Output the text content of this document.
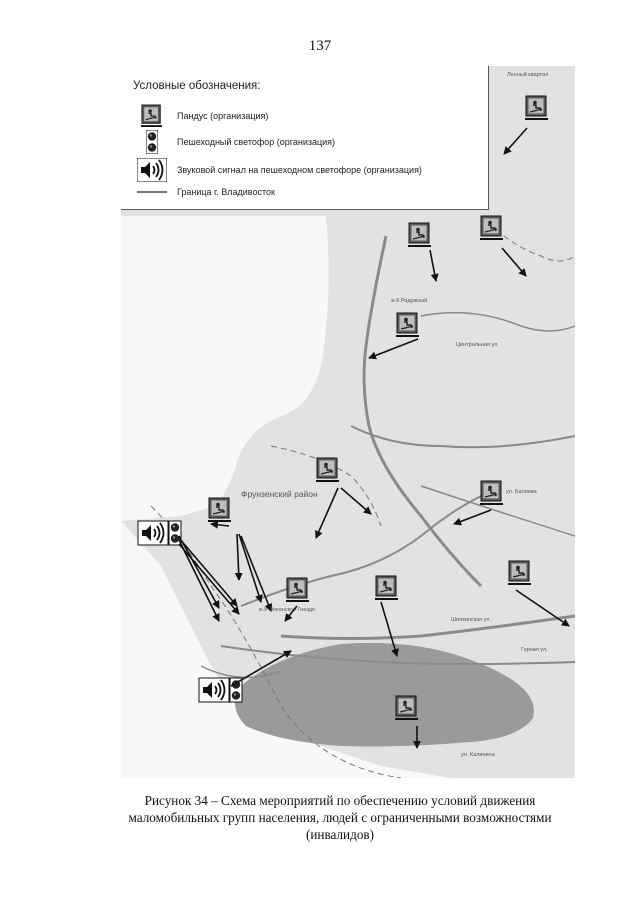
137
Фрунзенский район
ж.К Радужный
Ленный квартал
ул. Калинина
Шилкинская ул.
Горная ул.
ж.К Океанское Гнездо
ул. Баляева
Центральная ул.
Условные обозначения:
Пандус (организация)
Пешеходный светофор (организация)
Звуковой сигнал на пешеходном светофоре (организация)
Граница г. Владивосток
Рисунок 34 – Схема мероприятий по обеспечению условий движения
маломобильных групп населения, людей с ограниченными возможностями
(инвалидов)
